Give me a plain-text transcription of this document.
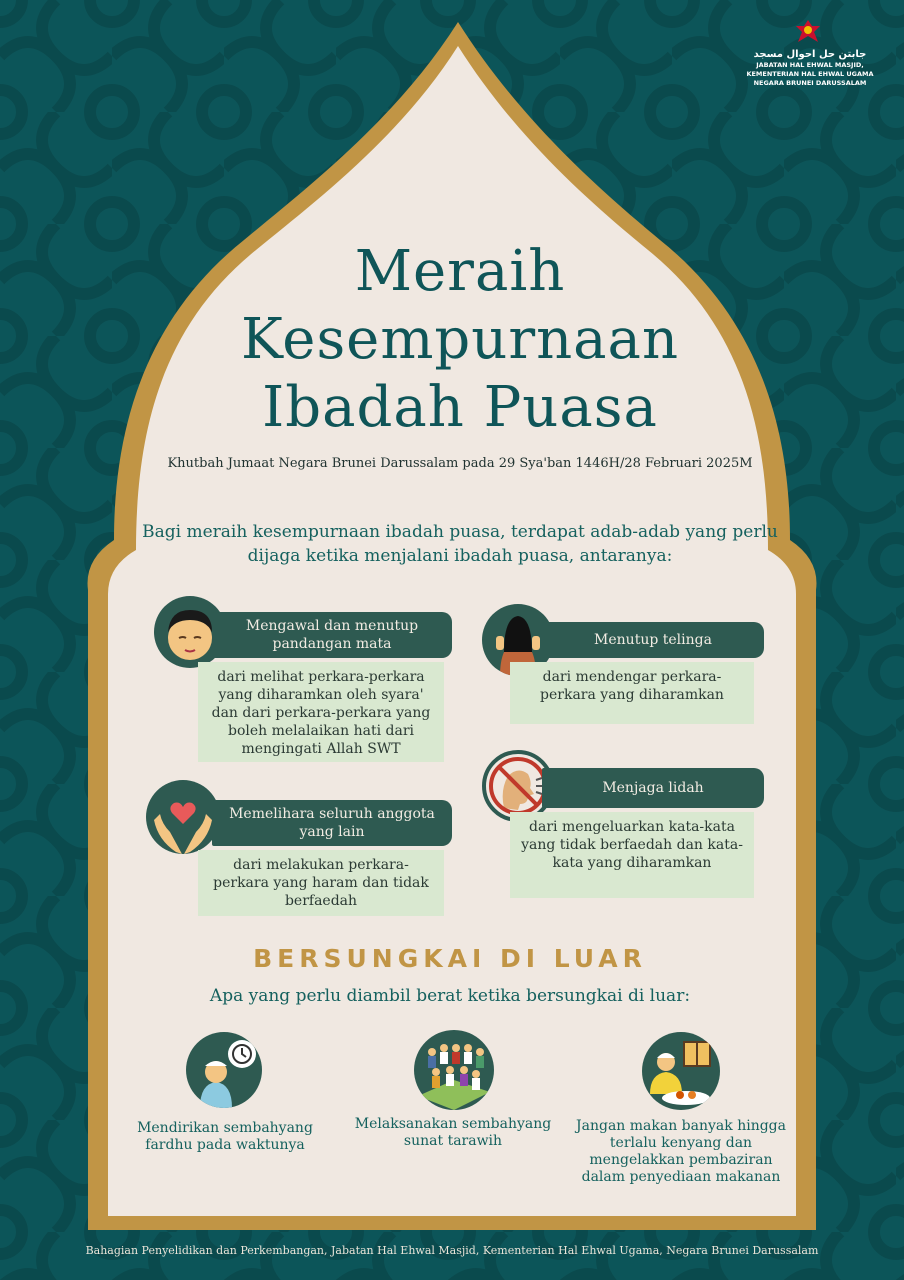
جابتن حل احوال مسجد
JABATAN HAL EHWAL MASJID,
KEMENTERIAN HAL EHWAL UGAMA
NEGARA BRUNEI DARUSSALAM
Meraih
Kesempurnaan
Ibadah Puasa
Khutbah Jumaat Negara Brunei Darussalam pada 29 Sya'ban 1446H/28 Februari 2025M
Bagi meraih kesempurnaan ibadah puasa, terdapat adab-adab yang perlu dijaga ketika menjalani ibadah puasa, antaranya:
Mengawal dan menutup pandangan mata
dari melihat perkara-perkara yang diharamkan oleh syara' dan dari perkara-perkara yang boleh melalaikan hati dari mengingati Allah SWT
Menutup telinga
dari mendengar perkara-perkara yang diharamkan
Memelihara seluruh anggota yang lain
dari melakukan perkara-perkara yang haram dan tidak berfaedah
Menjaga lidah
dari mengeluarkan kata-kata yang tidak berfaedah dan kata-kata yang diharamkan
BERSUNGKAI DI LUAR
Apa yang perlu diambil berat ketika bersungkai di luar:
Mendirikan sembahyang fardhu pada waktunya
Melaksanakan sembahyang sunat tarawih
Jangan makan banyak hingga terlalu kenyang dan mengelakkan pembaziran dalam penyediaan makanan
Bahagian Penyelidikan dan Perkembangan, Jabatan Hal Ehwal Masjid, Kementerian Hal Ehwal Ugama, Negara Brunei Darussalam
